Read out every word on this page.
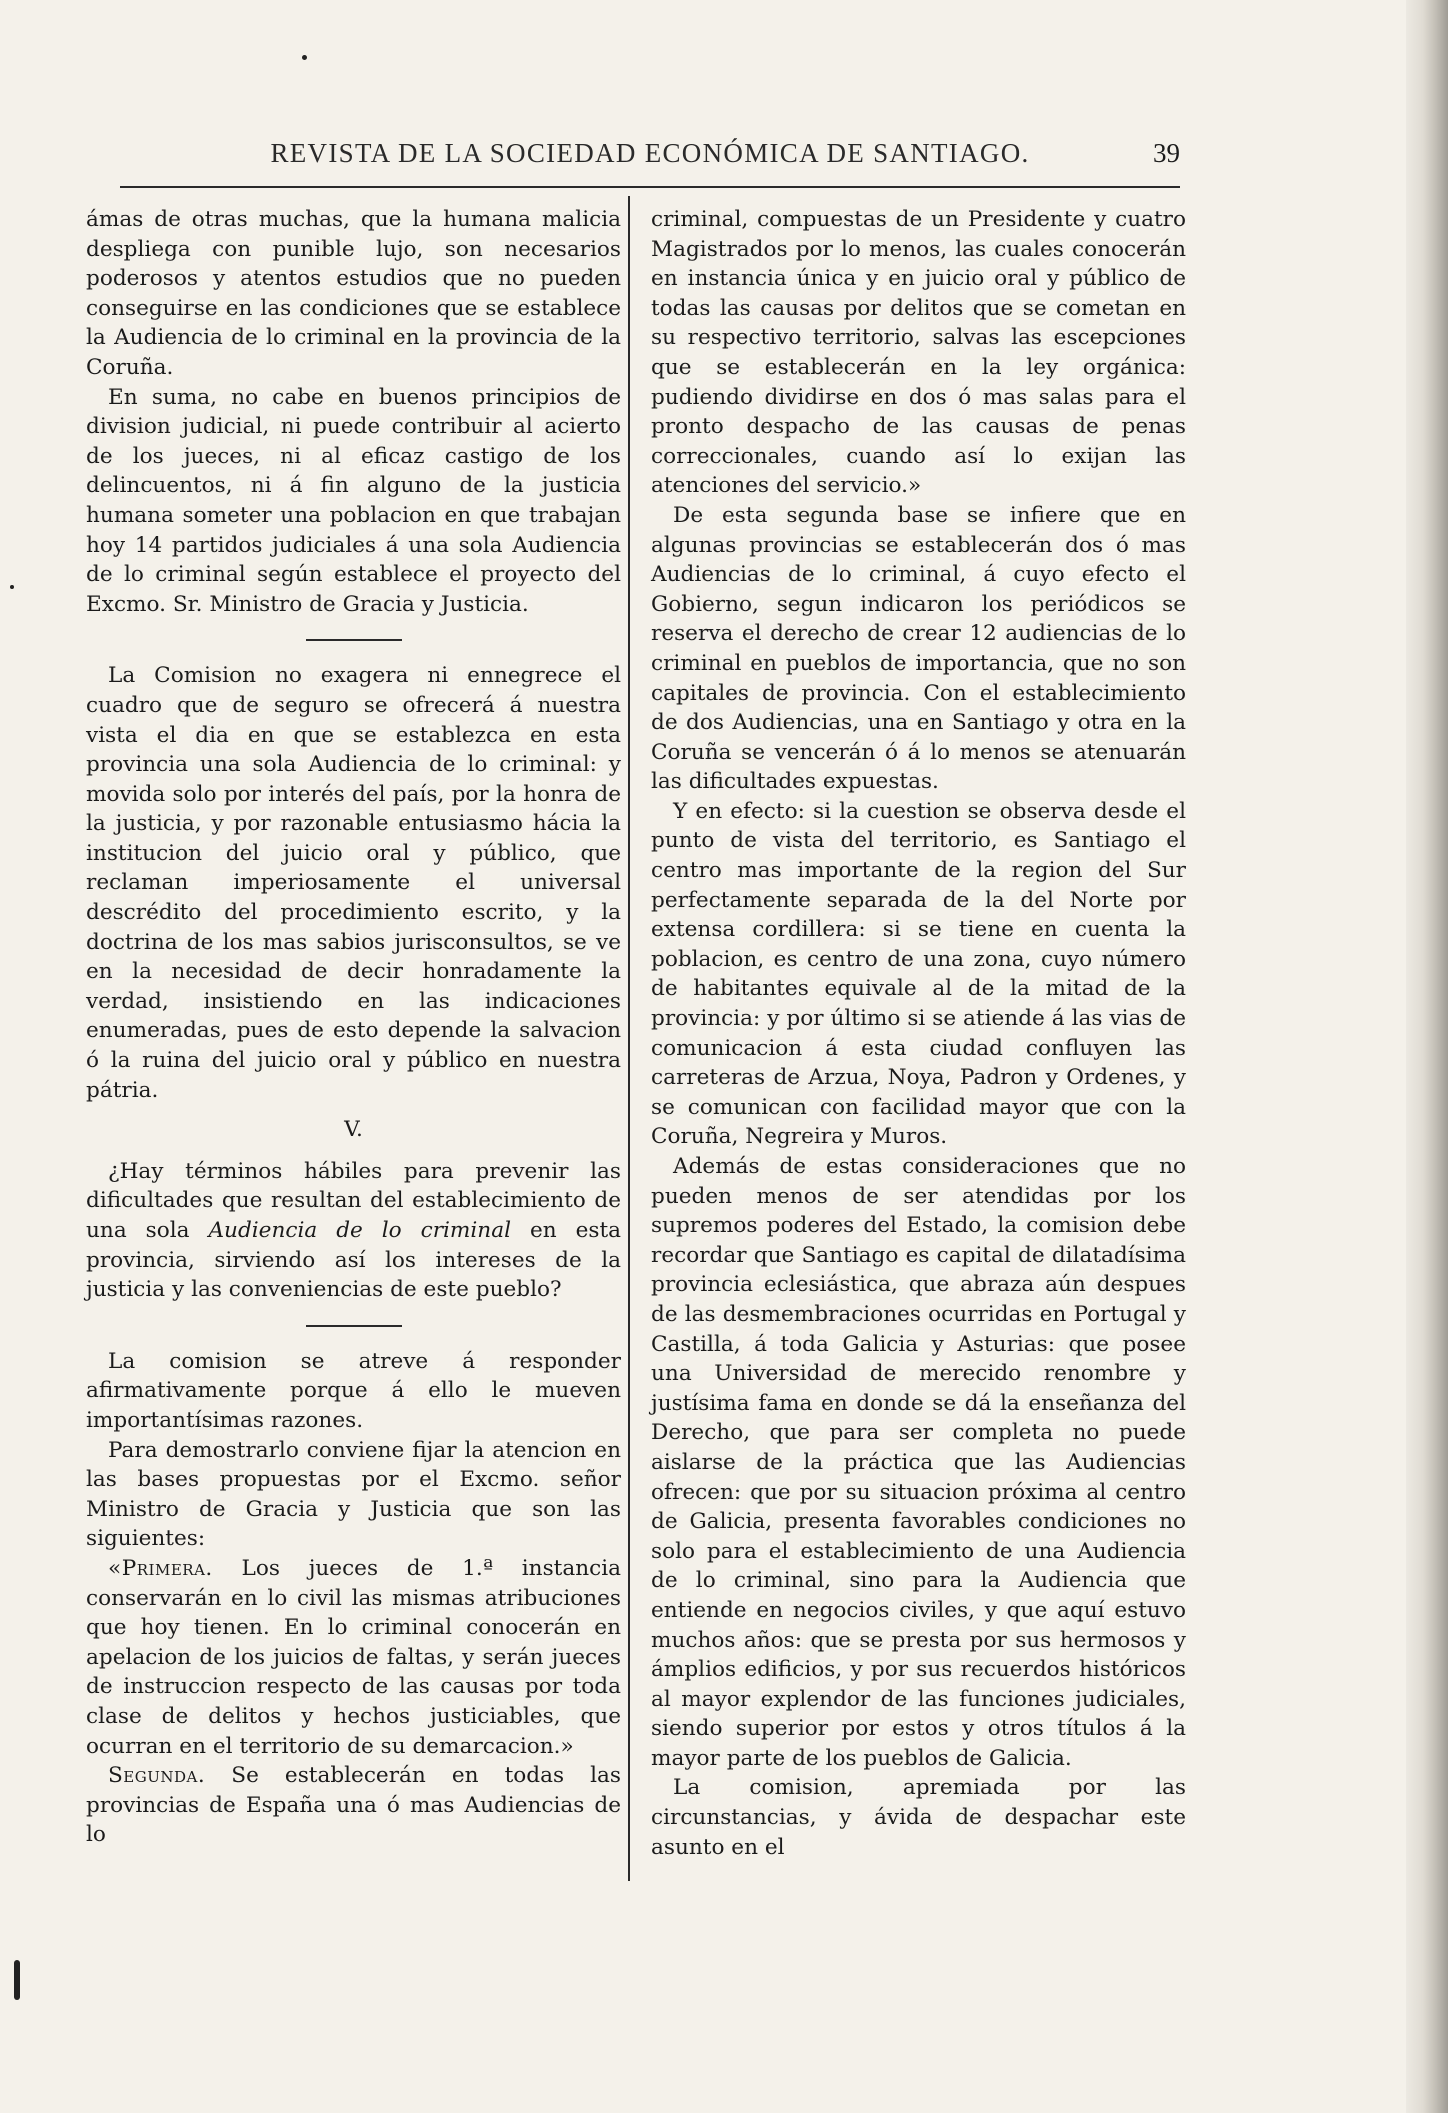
REVISTA DE LA SOCIEDAD ECONÓMICA DE SANTIAGO.	39

ámas de otras muchas, que la humana malicia despliega con punible lujo, son necesarios poderosos y atentos estudios que no pueden conseguirse en las condiciones que se establece la Audiencia de lo criminal en la provincia de la Coruña.

En suma, no cabe en buenos principios de division judicial, ni puede contribuir al acierto de los jueces, ni al eficaz castigo de los delincuentos, ni á fin alguno de la justicia humana someter una poblacion en que trabajan hoy 14 partidos judiciales á una sola Audiencia de lo criminal según establece el proyecto del Excmo. Sr. Ministro de Gracia y Justicia.

La Comision no exagera ni ennegrece el cuadro que de seguro se ofrecerá á nuestra vista el dia en que se establezca en esta provincia una sola Audiencia de lo criminal: y movida solo por interés del país, por la honra de la justicia, y por razonable entusiasmo hácia la institucion del juicio oral y público, que reclaman imperiosamente el universal descrédito del procedimiento escrito, y la doctrina de los mas sabios jurisconsultos, se ve en la necesidad de decir honradamente la verdad, insistiendo en las indicaciones enumeradas, pues de esto depende la salvacion ó la ruina del juicio oral y público en nuestra pátria.

V.

¿Hay términos hábiles para prevenir las dificultades que resultan del establecimiento de una sola Audiencia de lo criminal en esta provincia, sirviendo así los intereses de la justicia y las conveniencias de este pueblo?

La comision se atreve á responder afirmativamente porque á ello le mueven importantísimas razones.

Para demostrarlo conviene fijar la atencion en las bases propuestas por el Excmo. señor Ministro de Gracia y Justicia que son las siguientes:

«Primera. Los jueces de 1.ª instancia conservarán en lo civil las mismas atribuciones que hoy tienen. En lo criminal conocerán en apelacion de los juicios de faltas, y serán jueces de instruccion respecto de las causas por toda clase de delitos y hechos justiciables, que ocurran en el territorio de su demarcacion.»

Segunda. Se establecerán en todas las provincias de España una ó mas Audiencias de lo

criminal, compuestas de un Presidente y cuatro Magistrados por lo menos, las cuales conocerán en instancia única y en juicio oral y público de todas las causas por delitos que se cometan en su respectivo territorio, salvas las escepciones que se establecerán en la ley orgánica: pudiendo dividirse en dos ó mas salas para el pronto despacho de las causas de penas correccionales, cuando así lo exijan las atenciones del servicio.»

De esta segunda base se infiere que en algunas provincias se establecerán dos ó mas Audiencias de lo criminal, á cuyo efecto el Gobierno, segun indicaron los periódicos se reserva el derecho de crear 12 audiencias de lo criminal en pueblos de importancia, que no son capitales de provincia. Con el establecimiento de dos Audiencias, una en Santiago y otra en la Coruña se vencerán ó á lo menos se atenuarán las dificultades expuestas.

Y en efecto: si la cuestion se observa desde el punto de vista del territorio, es Santiago el centro mas importante de la region del Sur perfectamente separada de la del Norte por extensa cordillera: si se tiene en cuenta la poblacion, es centro de una zona, cuyo número de habitantes equivale al de la mitad de la provincia: y por último si se atiende á las vias de comunicacion á esta ciudad confluyen las carreteras de Arzua, Noya, Padron y Ordenes, y se comunican con facilidad mayor que con la Coruña, Negreira y Muros.

Además de estas consideraciones que no pueden menos de ser atendidas por los supremos poderes del Estado, la comision debe recordar que Santiago es capital de dilatadísima provincia eclesiástica, que abraza aún despues de las desmembraciones ocurridas en Portugal y Castilla, á toda Galicia y Asturias: que posee una Universidad de merecido renombre y justísima fama en donde se dá la enseñanza del Derecho, que para ser completa no puede aislarse de la práctica que las Audiencias ofrecen: que por su situacion próxima al centro de Galicia, presenta favorables condiciones no solo para el establecimiento de una Audiencia de lo criminal, sino para la Audiencia que entiende en negocios civiles, y que aquí estuvo muchos años: que se presta por sus hermosos y ámplios edificios, y por sus recuerdos históricos al mayor explendor de las funciones judiciales, siendo superior por estos y otros títulos á la mayor parte de los pueblos de Galicia.

La comision, apremiada por las circunstancias, y ávida de despachar este asunto en el
